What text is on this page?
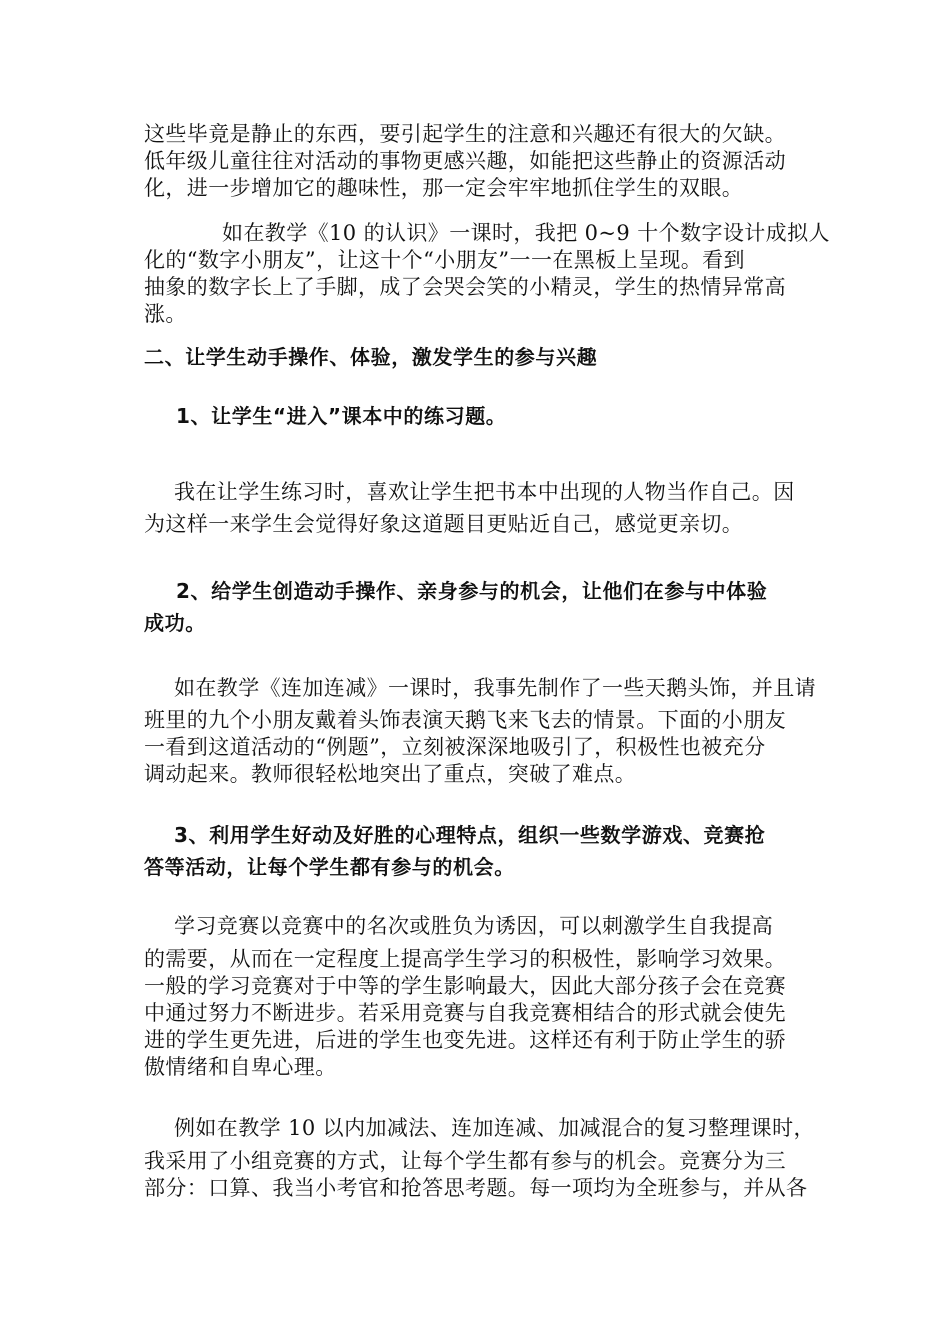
这些毕竟是静止的东西，要引起学生的注意和兴趣还有很大的欠缺。
低年级儿童往往对活动的事物更感兴趣，如能把这些静止的资源活动
化，进一步增加它的趣味性，那一定会牢牢地抓住学生的双眼。
如在教学《10 的认识》一课时，我把 0~9 十个数字设计成拟人
化的“数字小朋友”，让这十个“小朋友”一一在黑板上呈现。看到
抽象的数字长上了手脚，成了会哭会笑的小精灵，学生的热情异常高
涨。
二、让学生动手操作、体验，激发学生的参与兴趣
1、让学生“进入”课本中的练习题。
我在让学生练习时，喜欢让学生把书本中出现的人物当作自己。因
为这样一来学生会觉得好象这道题目更贴近自己，感觉更亲切。
2、给学生创造动手操作、亲身参与的机会，让他们在参与中体验
成功。
如在教学《连加连减》一课时，我事先制作了一些天鹅头饰，并且请
班里的九个小朋友戴着头饰表演天鹅飞来飞去的情景。下面的小朋友
一看到这道活动的“例题”，立刻被深深地吸引了，积极性也被充分
调动起来。教师很轻松地突出了重点，突破了难点。
3、利用学生好动及好胜的心理特点，组织一些数学游戏、竞赛抢
答等活动，让每个学生都有参与的机会。
学习竞赛以竞赛中的名次或胜负为诱因，可以刺激学生自我提高
的需要，从而在一定程度上提高学生学习的积极性，影响学习效果。
一般的学习竞赛对于中等的学生影响最大，因此大部分孩子会在竞赛
中通过努力不断进步。若采用竞赛与自我竞赛相结合的形式就会使先
进的学生更先进，后进的学生也变先进。这样还有利于防止学生的骄
傲情绪和自卑心理。
例如在教学 10 以内加减法、连加连减、加减混合的复习整理课时，
我采用了小组竞赛的方式，让每个学生都有参与的机会。竞赛分为三
部分：口算、我当小考官和抢答思考题。每一项均为全班参与，并从各
